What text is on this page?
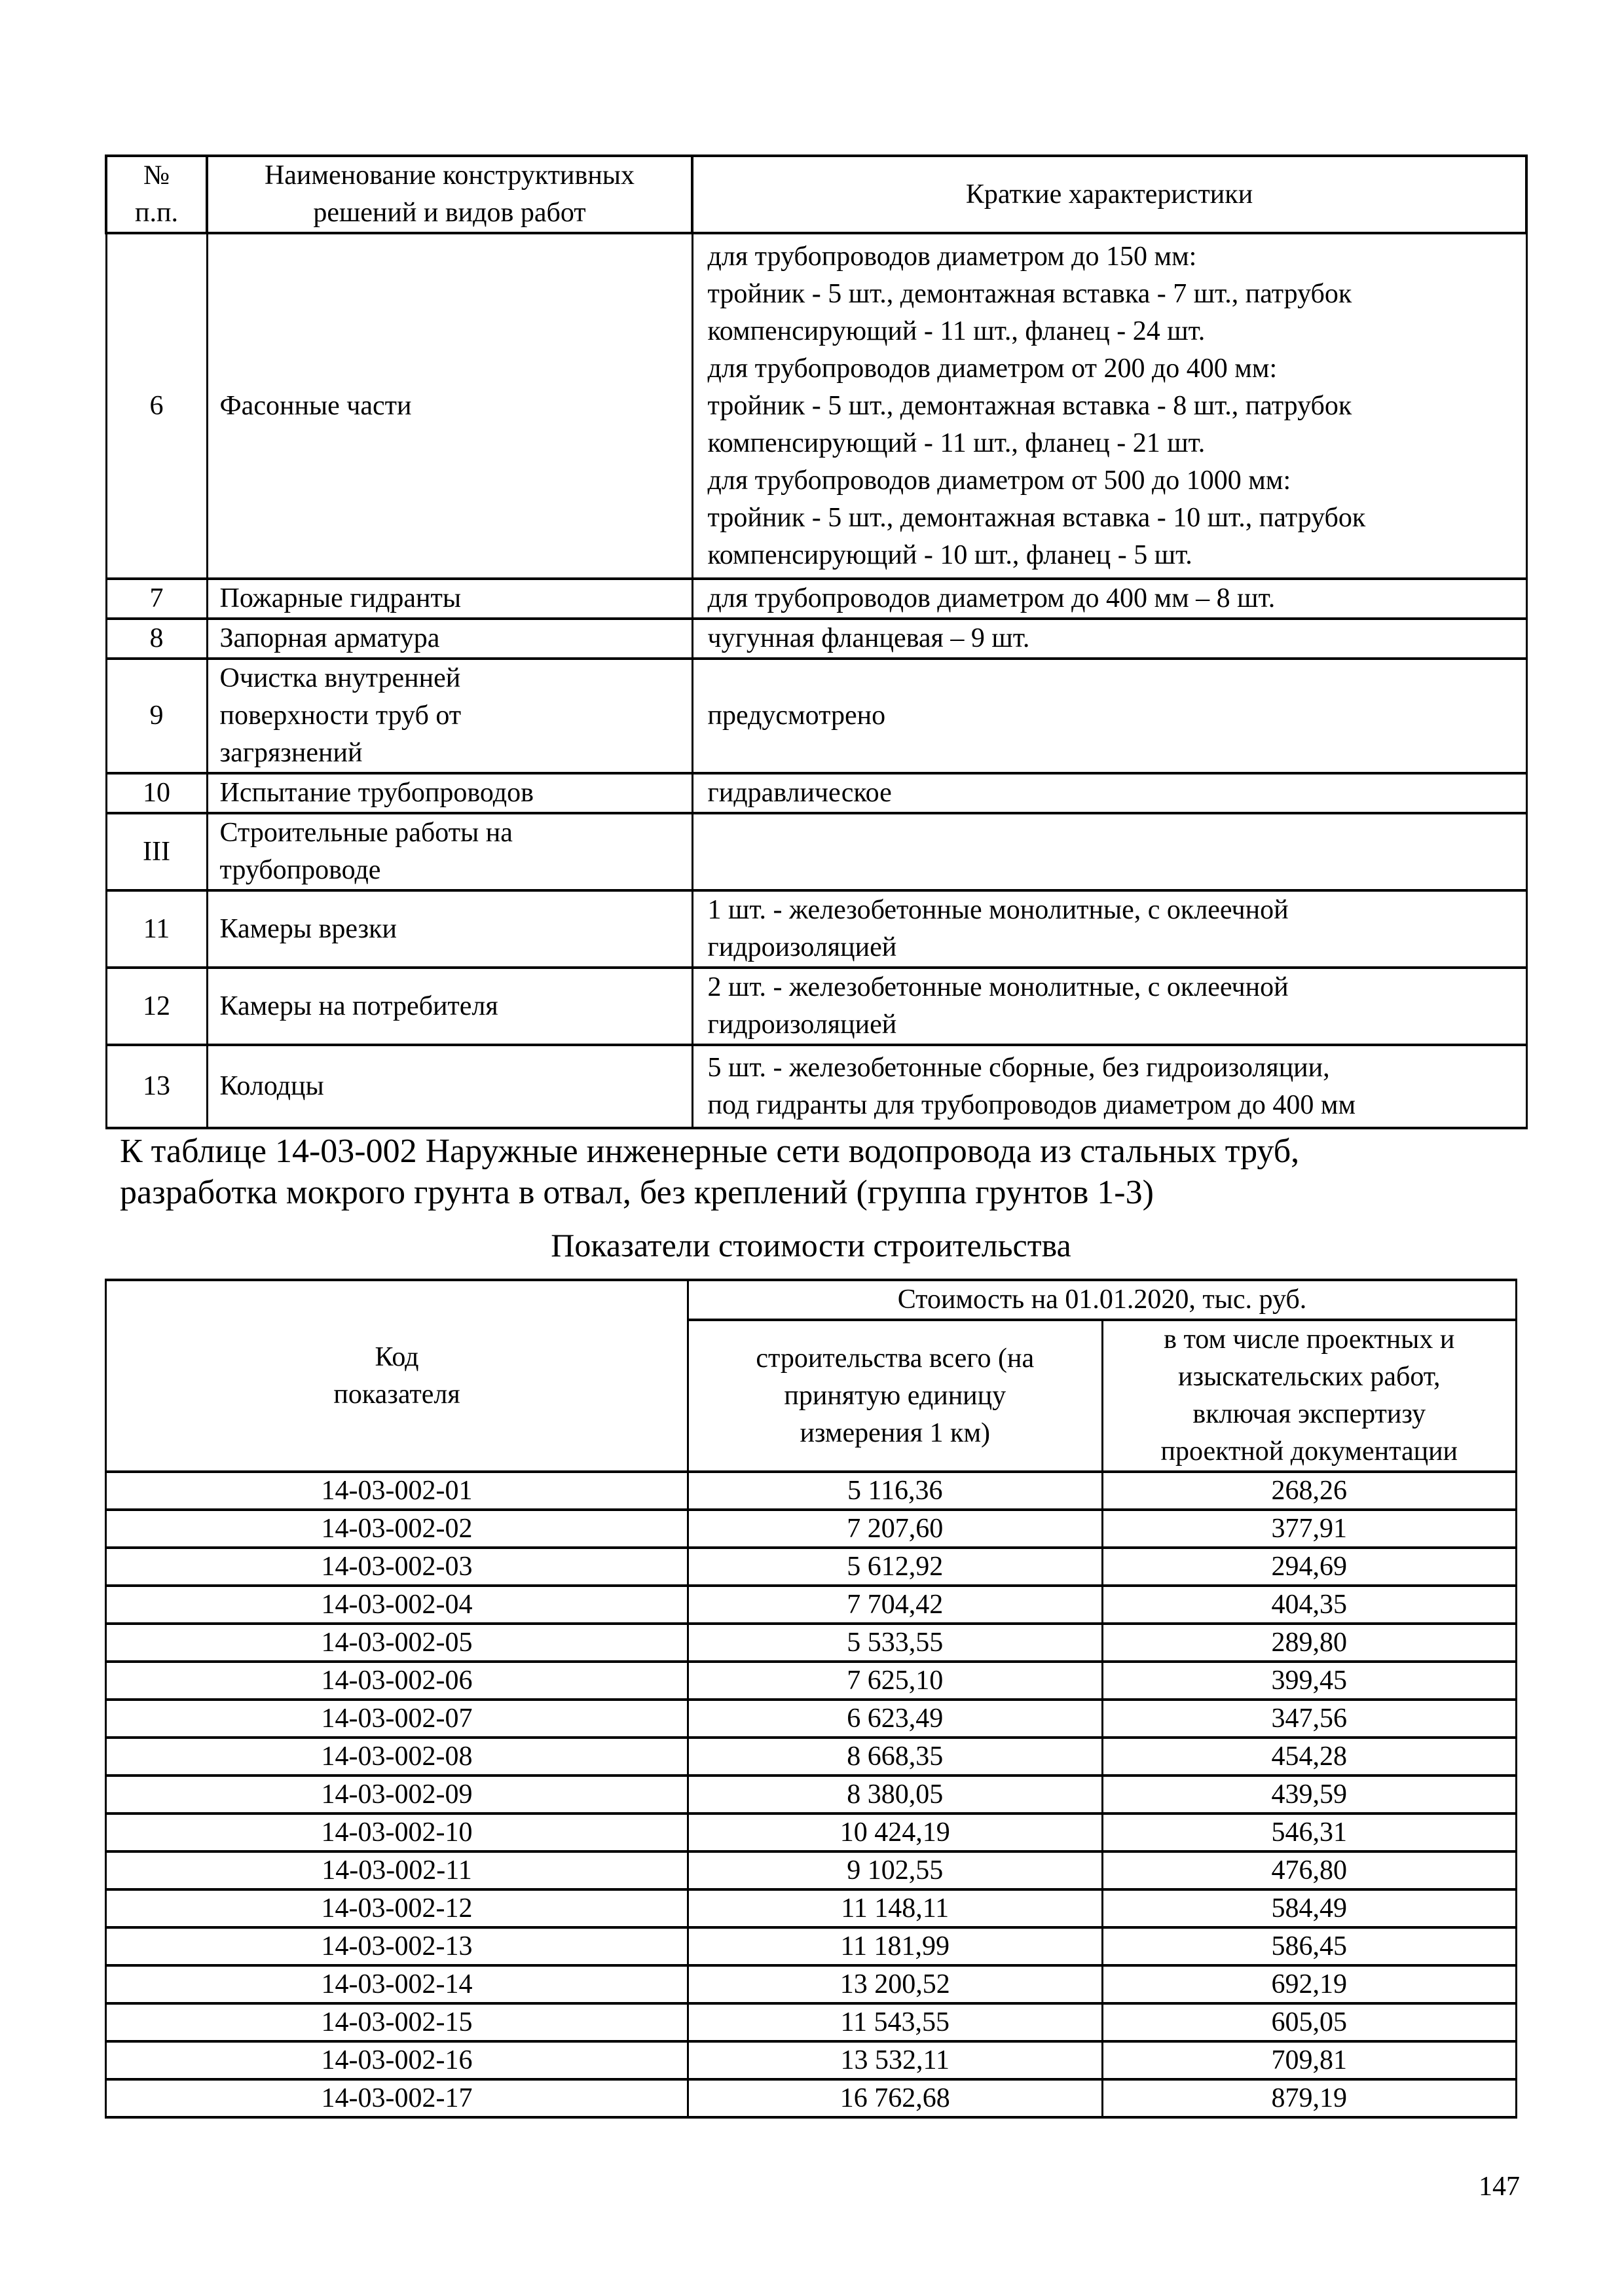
№
п.п.	Наименование конструктивных
решений и видов работ	Краткие характеристики
6	Фасонные части

для трубопроводов диаметром до 150 мм:
тройник - 5 шт., демонтажная вставка - 7 шт., патрубок
компенсирующий - 11 шт., фланец - 24 шт.
для трубопроводов диаметром от 200 до 400 мм:
тройник - 5 шт., демонтажная вставка - 8 шт., патрубок
компенсирующий - 11 шт., фланец - 21 шт.
для трубопроводов диаметром от 500 до 1000 мм:
тройник - 5 шт., демонтажная вставка - 10 шт., патрубок
компенсирующий - 10 шт., фланец - 5 шт.

7	Пожарные гидранты	для трубопроводов диаметром до 400 мм – 8 шт.

8	Запорная арматура	чугунная фланцевая – 9 шт.

9	Очистка внутренней
поверхности труб от
загрязнений	предусмотрено

10	Испытание трубопроводов	гидравлическое

III	Строительные работы на
трубопроводе	

11	Камеры врезки	1 шт. - железобетонные монолитные, с оклеечной
гидроизоляцией

12	Камеры на потребителя	2 шт. - железобетонные монолитные, с оклеечной
гидроизоляцией

13	Колодцы	5 шт. - железобетонные сборные, без гидроизоляции,
под гидранты для трубопроводов диаметром до 400 мм
К таблице 14-03-002 Наружные инженерные сети водопровода из стальных труб,
разработка мокрого грунта в отвал, без креплений (группа грунтов 1-3)
Показатели стоимости строительства
Код
показателя	Стоимость на 01.01.2020, тыс. руб.	

	строительства всего (на
принятую единицу
измерения 1 км)	в том числе проектных и
изыскательских работ,
включая экспертизу
проектной документации

14-03-002-01	5 116,36	268,26
14-03-002-02	7 207,60	377,91
14-03-002-03	5 612,92	294,69
14-03-002-04	7 704,42	404,35
14-03-002-05	5 533,55	289,80
14-03-002-06	7 625,10	399,45
14-03-002-07	6 623,49	347,56
14-03-002-08	8 668,35	454,28
14-03-002-09	8 380,05	439,59
14-03-002-10	10 424,19	546,31
14-03-002-11	9 102,55	476,80
14-03-002-12	11 148,11	584,49
14-03-002-13	11 181,99	586,45
14-03-002-14	13 200,52	692,19
14-03-002-15	11 543,55	605,05
14-03-002-16	13 532,11	709,81
14-03-002-17	16 762,68	879,19
147
